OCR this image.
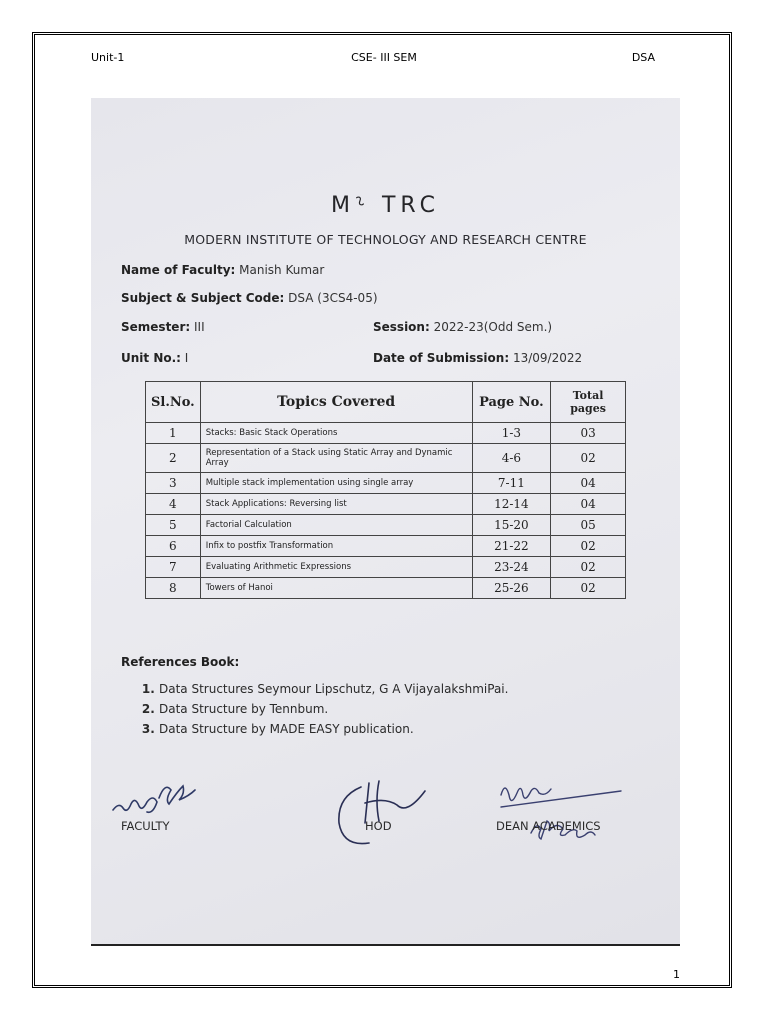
Unit-1	CSE- III SEM	DSA
M⸊ TRC
MODERN INSTITUTE OF TECHNOLOGY AND RESEARCH CENTRE
Name of Faculty: Manish Kumar
Subject & Subject Code: DSA (3CS4-05)
Semester: III	Session: 2022-23(Odd Sem.)
Unit No.: I	Date of Submission: 13/09/2022
Sl.No.	Topics Covered	Page No.	Total pages
1	Stacks: Basic Stack Operations	1-3	03
2	Representation of a Stack using Static Array and Dynamic Array	4-6	02
3	Multiple stack implementation using single array	7-11	04
4	Stack Applications: Reversing list	12-14	04
5	Factorial Calculation	15-20	05
6	Infix to postfix Transformation	21-22	02
7	Evaluating Arithmetic Expressions	23-24	02
8	Towers of Hanoi	25-26	02
References Book:
1. Data Structures Seymour Lipschutz, G A VijayalakshmiPai.
2. Data Structure by Tennbum.
3. Data Structure by MADE EASY publication.
FACULTY	HOD	DEAN ACADEMICS
1
